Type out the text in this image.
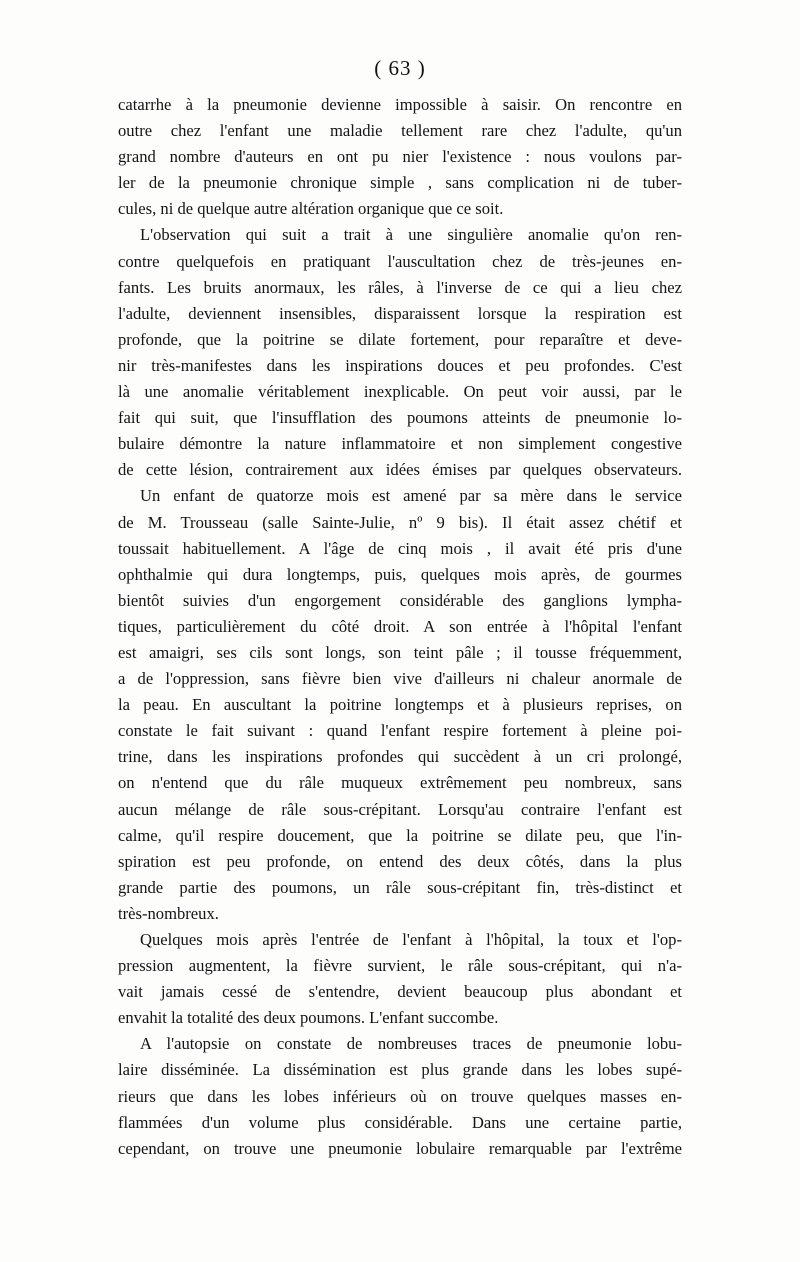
( 63 )
catarrhe à la pneumonie devienne impossible à saisir. On rencontre en
outre chez l'enfant une maladie tellement rare chez l'adulte, qu'un
grand nombre d'auteurs en ont pu nier l'existence : nous voulons par-
ler de la pneumonie chronique simple , sans complication ni de tuber-
cules, ni de quelque autre altération organique que ce soit.
L'observation qui suit a trait à une singulière anomalie qu'on ren-
contre quelquefois en pratiquant l'auscultation chez de très-jeunes en-
fants. Les bruits anormaux, les râles, à l'inverse de ce qui a lieu chez
l'adulte, deviennent insensibles, disparaissent lorsque la respiration est
profonde, que la poitrine se dilate fortement, pour reparaître et deve-
nir très-manifestes dans les inspirations douces et peu profondes. C'est
là une anomalie véritablement inexplicable. On peut voir aussi, par le
fait qui suit, que l'insufflation des poumons atteints de pneumonie lo-
bulaire démontre la nature inflammatoire et non simplement congestive
de cette lésion, contrairement aux idées émises par quelques observateurs.
Un enfant de quatorze mois est amené par sa mère dans le service
de M. Trousseau (salle Sainte-Julie, nº 9 bis). Il était assez chétif et
toussait habituellement. A l'âge de cinq mois , il avait été pris d'une
ophthalmie qui dura longtemps, puis, quelques mois après, de gourmes
bientôt suivies d'un engorgement considérable des ganglions lympha-
tiques, particulièrement du côté droit. A son entrée à l'hôpital l'enfant
est amaigri, ses cils sont longs, son teint pâle ; il tousse fréquemment,
a de l'oppression, sans fièvre bien vive d'ailleurs ni chaleur anormale de
la peau. En auscultant la poitrine longtemps et à plusieurs reprises, on
constate le fait suivant : quand l'enfant respire fortement à pleine poi-
trine, dans les inspirations profondes qui succèdent à un cri prolongé,
on n'entend que du râle muqueux extrêmement peu nombreux, sans
aucun mélange de râle sous-crépitant. Lorsqu'au contraire l'enfant est
calme, qu'il respire doucement, que la poitrine se dilate peu, que l'in-
spiration est peu profonde, on entend des deux côtés, dans la plus
grande partie des poumons, un râle sous-crépitant fin, très-distinct et
très-nombreux.
Quelques mois après l'entrée de l'enfant à l'hôpital, la toux et l'op-
pression augmentent, la fièvre survient, le râle sous-crépitant, qui n'a-
vait jamais cessé de s'entendre, devient beaucoup plus abondant et
envahit la totalité des deux poumons. L'enfant succombe.
A l'autopsie on constate de nombreuses traces de pneumonie lobu-
laire disséminée. La dissémination est plus grande dans les lobes supé-
rieurs que dans les lobes inférieurs où on trouve quelques masses en-
flammées d'un volume plus considérable. Dans une certaine partie,
cependant, on trouve une pneumonie lobulaire remarquable par l'extrême
